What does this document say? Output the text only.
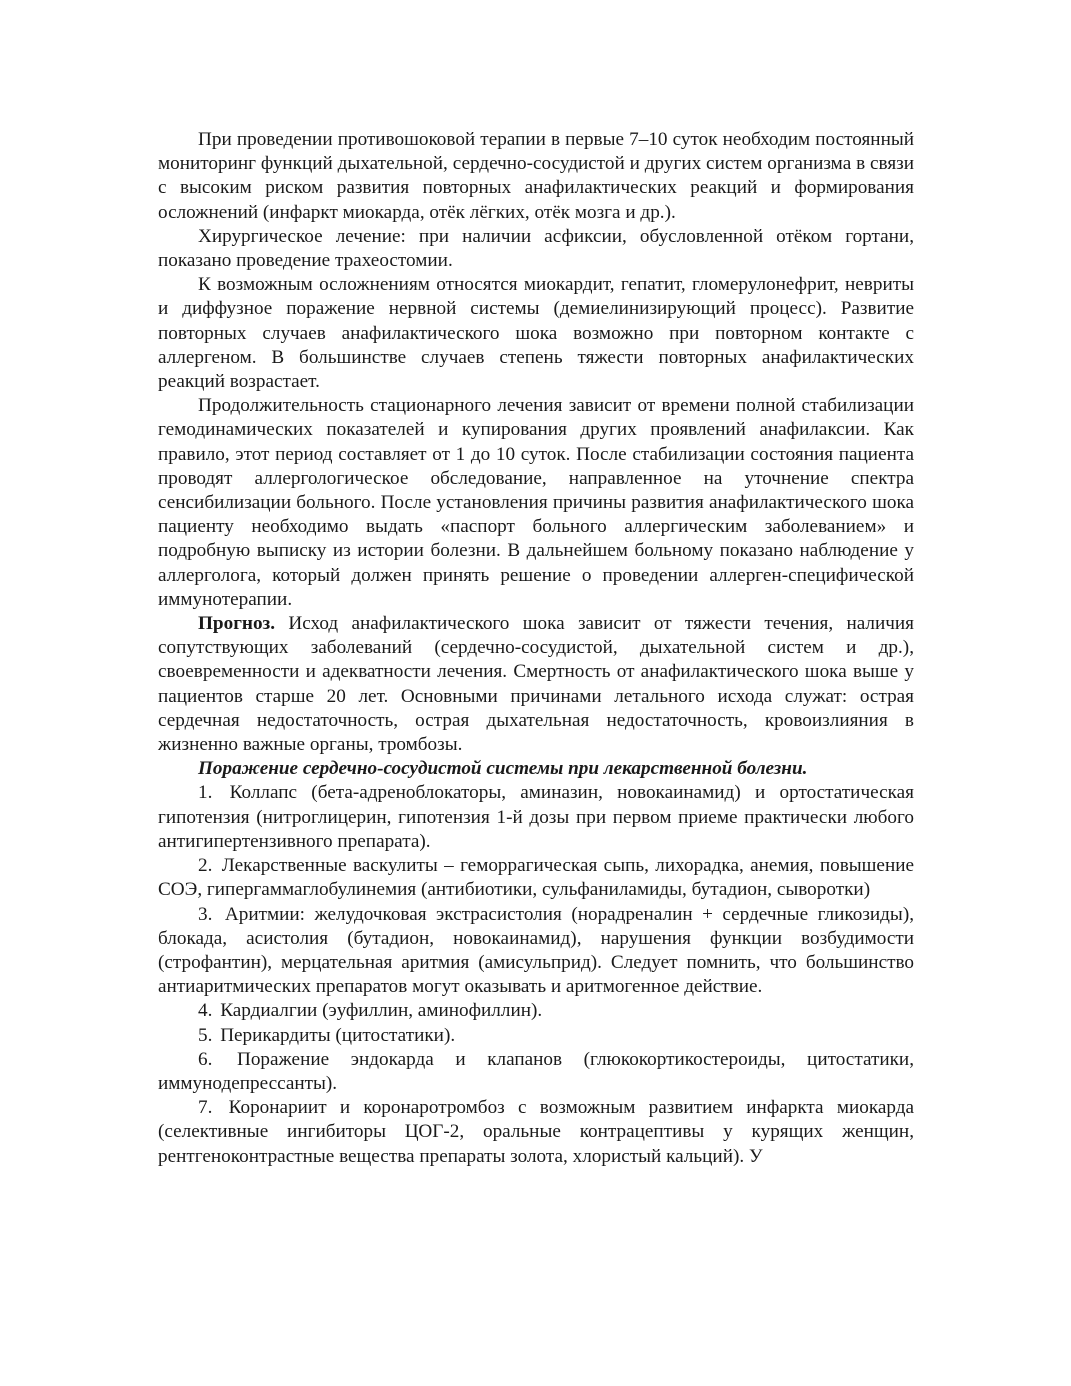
При проведении противошоковой терапии в первые 7–10 суток необходим постоянный мониторинг функций дыхательной, сердечно-сосудистой и других систем организма в связи с высоким риском развития повторных анафилактических реакций и формирования осложнений (инфаркт миокарда, отёк лёгких, отёк мозга и др.).

Хирургическое лечение: при наличии асфиксии, обусловленной отёком гортани, показано проведение трахеостомии.

К возможным осложнениям относятся миокардит, гепатит, гломерулонефрит, невриты и диффузное поражение нервной системы (демиелинизирующий процесс). Развитие повторных случаев анафилактического шока возможно при повторном контакте с аллергеном. В большинстве случаев степень тяжести повторных анафилактических реакций возрастает.

Продолжительность стационарного лечения зависит от времени полной стабилизации гемодинамических показателей и купирования других проявлений анафилаксии. Как правило, этот период составляет от 1 до 10 суток. После стабилизации состояния пациента проводят аллергологическое обследование, направленное на уточнение спектра сенсибилизации больного. После установления причины развития анафилактического шока пациенту необходимо выдать «паспорт больного аллергическим заболеванием» и подробную выписку из истории болезни. В дальнейшем больному показано наблюдение у аллерголога, который должен принять решение о проведении аллерген-специфической иммунотерапии.

Прогноз. Исход анафилактического шока зависит от тяжести течения, наличия сопутствующих заболеваний (сердечно-сосудистой, дыхательной систем и др.), своевременности и адекватности лечения. Смертность от анафилактического шока выше у пациентов старше 20 лет. Основными причинами летального исхода служат: острая сердечная недостаточность, острая дыхательная недостаточность, кровоизлияния в жизненно важные органы, тромбозы.

Поражение сердечно-сосудистой системы при лекарственной болезни.

1. Коллапс (бета-адреноблокаторы, аминазин, новокаинамид) и ортостатическая гипотензия (нитроглицерин, гипотензия 1-й дозы при первом приеме практически любого антигипертензивного препарата).

2. Лекарственные васкулиты – геморрагическая сыпь, лихорадка, анемия, повышение СОЭ, гипергаммаглобулинемия (антибиотики, сульфаниламиды, бутадион, сыворотки)

3. Аритмии: желудочковая экстрасистолия (норадреналин + сердечные гликозиды), блокада, асистолия (бутадион, новокаинамид), нарушения функции возбудимости (строфантин), мерцательная аритмия (амисульприд). Следует помнить, что большинство антиаритмических препаратов могут оказывать и аритмогенное действие.

4. Кардиалгии (эуфиллин, аминофиллин).

5. Перикардиты (цитостатики).

6. Поражение эндокарда и клапанов (глюкокортикостероиды, цитостатики, иммунодепрессанты).

7. Коронариит и коронаротромбоз с возможным развитием инфаркта миокарда (селективные ингибиторы ЦОГ-2, оральные контрацептивы у курящих женщин, рентгеноконтрастные вещества препараты золота, хлористый кальций). У
